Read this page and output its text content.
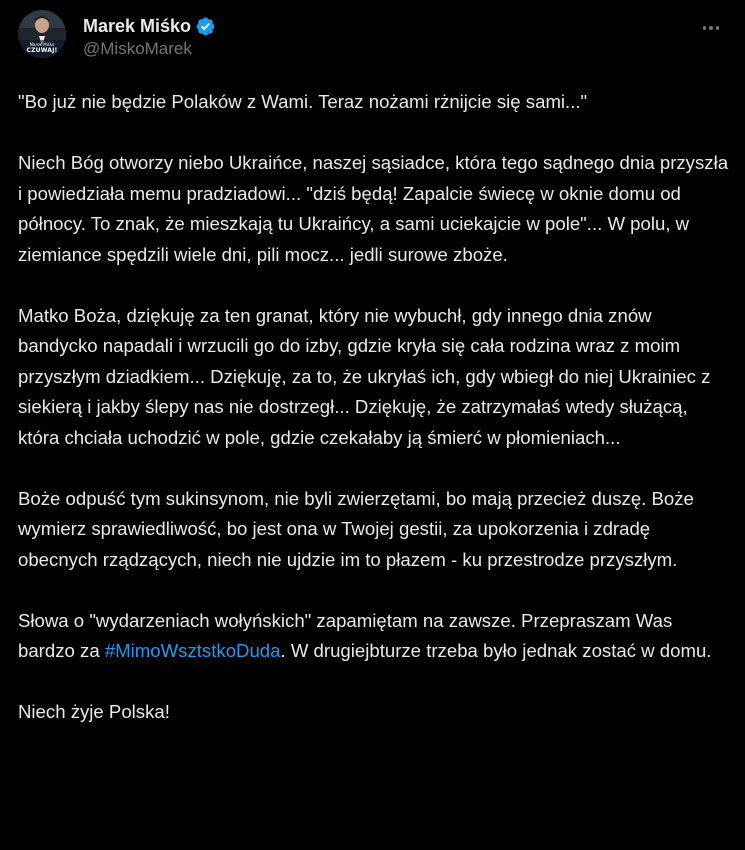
Marek Miśko
CZUWAJ!
Marek Miśko
@MiskoMarek

"Bo już nie będzie Polaków z Wami. Teraz nożami rżnijcie się sami..."

Niech Bóg otworzy niebo Ukraińce, naszej sąsiadce, która tego sądnego dnia przyszła i powiedziała memu pradziadowi... "dziś będą! Zapalcie świecę w oknie domu od północy. To znak, że mieszkają tu Ukraińcy, a sami uciekajcie w pole"... W polu, w ziemiance spędzili wiele dni, pili mocz... jedli surowe zboże.

Matko Boża, dziękuję za ten granat, który nie wybuchł, gdy innego dnia znów bandycko napadali i wrzucili go do izby, gdzie kryła się cała rodzina wraz z moim przyszłym dziadkiem... Dziękuję, za to, że ukryłaś ich, gdy wbiegł do niej Ukrainiec z siekierą i jakby ślepy nas nie dostrzegł... Dziękuję, że zatrzymałaś wtedy służącą, która chciała uchodzić w pole, gdzie czekałaby ją śmierć w płomieniach...

Boże odpuść tym sukinsynom, nie byli zwierzętami, bo mają przecież duszę. Boże wymierz sprawiedliwość, bo jest ona w Twojej gestii, za upokorzenia i zdradę obecnych rządzących, niech nie ujdzie im to płazem - ku przestrodze przyszłym.

Słowa o "wydarzeniach wołyńskich" zapamiętam na zawsze. Przepraszam Was bardzo za #MimoWsztstkoDuda. W drugiejbturze trzeba było jednak zostać w domu.

Niech żyje Polska!
